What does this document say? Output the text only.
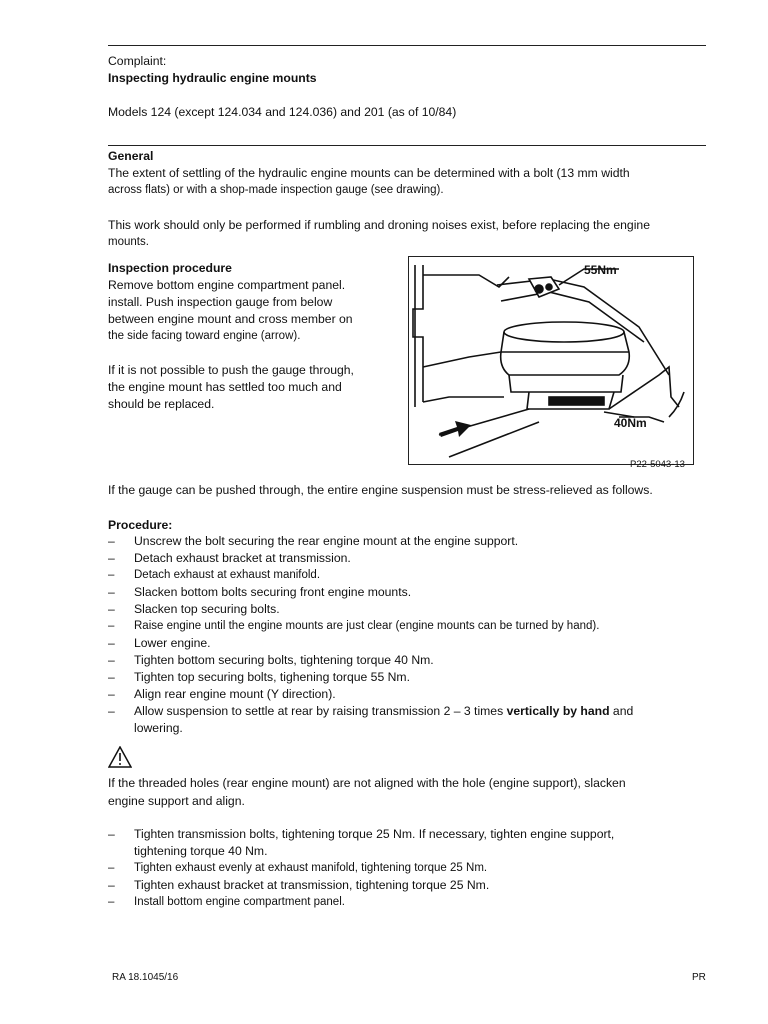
Complaint:
Inspecting hydraulic engine mounts
Models 124 (except 124.034 and 124.036) and 201 (as of 10/84)
General
The extent of settling of the hydraulic engine mounts can be determined with a bolt (13 mm width
across flats) or with a shop-made inspection gauge (see drawing).
This work should only be performed if rumbling and droning noises exist, before replacing the engine
mounts.
Inspection procedure
Remove bottom engine compartment panel.
install. Push inspection gauge from below
between engine mount and cross member on
the side facing toward engine (arrow).
If it is not possible to push the gauge through,
the engine mount has settled too much and
should be replaced.
55Nm
40Nm
P22-5043-13
If the gauge can be pushed through, the entire engine suspension must be stress-relieved as follows.
Procedure:
– Unscrew the bolt securing the rear engine mount at the engine support.
– Detach exhaust bracket at transmission.
– Detach exhaust at exhaust manifold.
– Slacken bottom bolts securing front engine mounts.
– Slacken top securing bolts.
– Raise engine until the engine mounts are just clear (engine mounts can be turned by hand).
– Lower engine.
– Tighten bottom securing bolts, tightening torque 40 Nm.
– Tighten top securing bolts, tighening torque 55 Nm.
– Align rear engine mount (Y direction).
– Allow suspension to settle at rear by raising transmission 2 – 3 times vertically by hand and
lowering.
If the threaded holes (rear engine mount) are not aligned with the hole (engine support), slacken
engine support and align.
– Tighten transmission bolts, tightening torque 25 Nm. If necessary, tighten engine support,
tightening torque 40 Nm.
– Tighten exhaust evenly at exhaust manifold, tightening torque 25 Nm.
– Tighten exhaust bracket at transmission, tightening torque 25 Nm.
– Install bottom engine compartment panel.
RA 18.1045/16	PR
